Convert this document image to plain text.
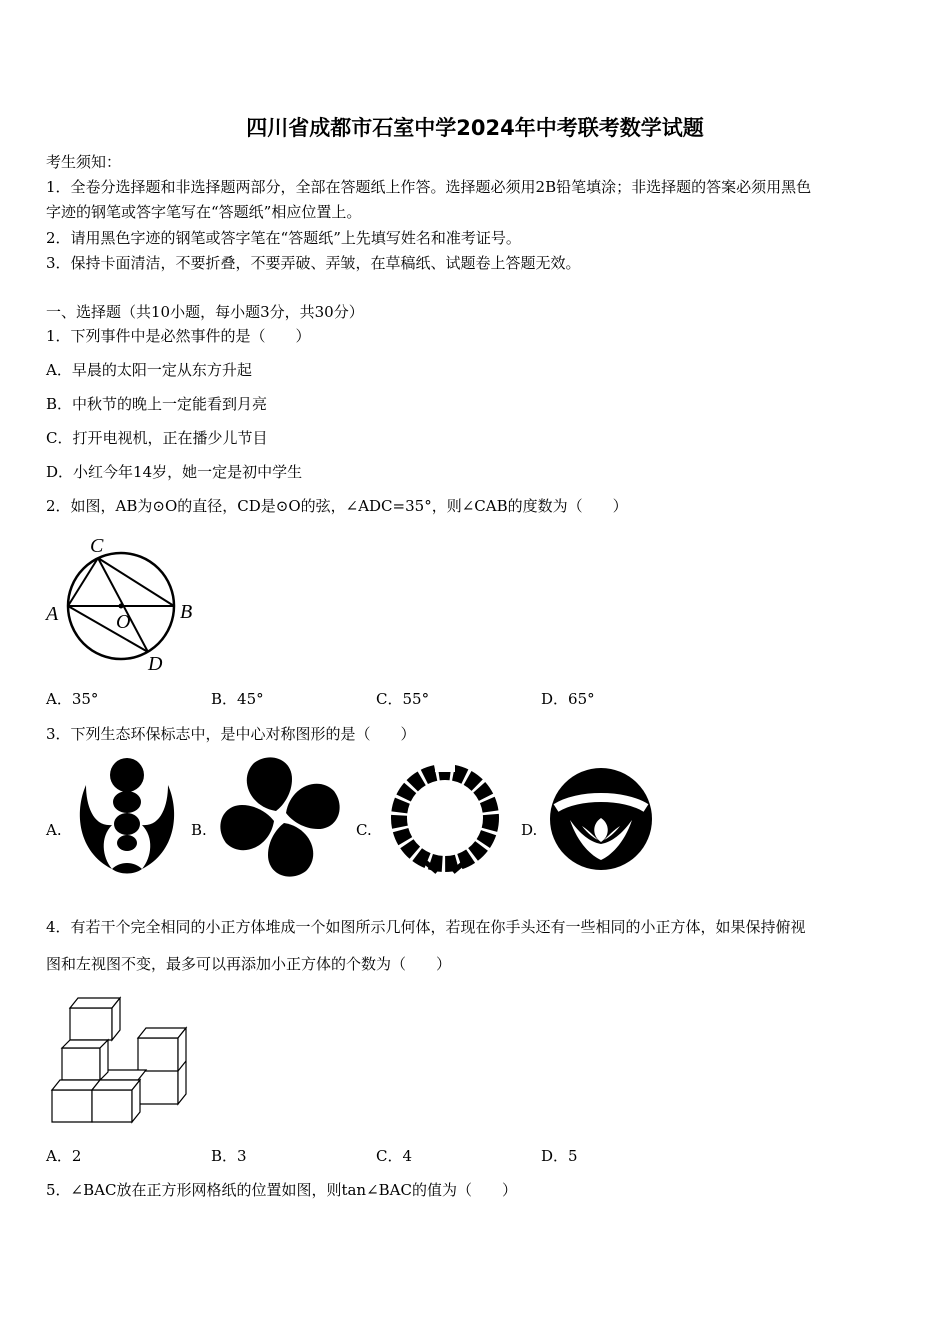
四川省成都市石室中学2024年中考联考数学试题
考生须知：
1．全卷分选择题和非选择题两部分，全部在答题纸上作答。选择题必须用2B铅笔填涂；非选择题的答案必须用黑色
字迹的钢笔或答字笔写在“答题纸”相应位置上。
2．请用黑色字迹的钢笔或答字笔在“答题纸”上先填写姓名和准考证号。
3．保持卡面清洁，不要折叠，不要弄破、弄皱，在草稿纸、试题卷上答题无效。
一、选择题（共10小题，每小题3分，共30分）
1．下列事件中是必然事件的是（　　）
A．早晨的太阳一定从东方升起
B．中秋节的晚上一定能看到月亮
C．打开电视机，正在播少儿节目
D．小红今年14岁，她一定是初中学生
2．如图，AB为⊙O的直径，CD是⊙O的弦，∠ADC=35°，则∠CAB的度数为（　　）
C
A	O B
D
A．35°	B．45°	C．55°	D．65°
3．下列生态环保标志中，是中心对称图形的是（　　）
A.	B.	C.	D.
4．有若干个完全相同的小正方体堆成一个如图所示几何体，若现在你手头还有一些相同的小正方体，如果保持俯视
图和左视图不变，最多可以再添加小正方体的个数为（　　）
A．2	B．3	C．4	D．5
5．∠BAC放在正方形网格纸的位置如图，则tan∠BAC的值为（　　）
